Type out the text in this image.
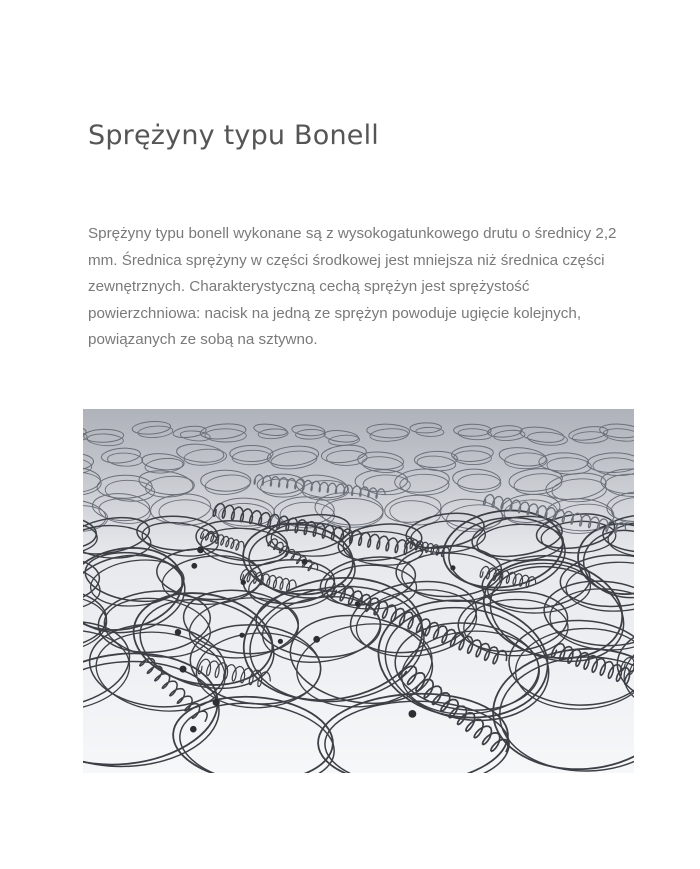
Sprężyny typu Bonell

Sprężyny typu bonell wykonane są z wysokogatunkowego drutu o średnicy 2,2 mm. Średnica sprężyny w części środkowej jest mniejsza niż średnica części zewnętrznych. Charakterystyczną cechą sprężyn jest sprężystość powierzchniowa: nacisk na jedną ze sprężyn powoduje ugięcie kolejnych, powiązanych ze sobą na sztywno.
